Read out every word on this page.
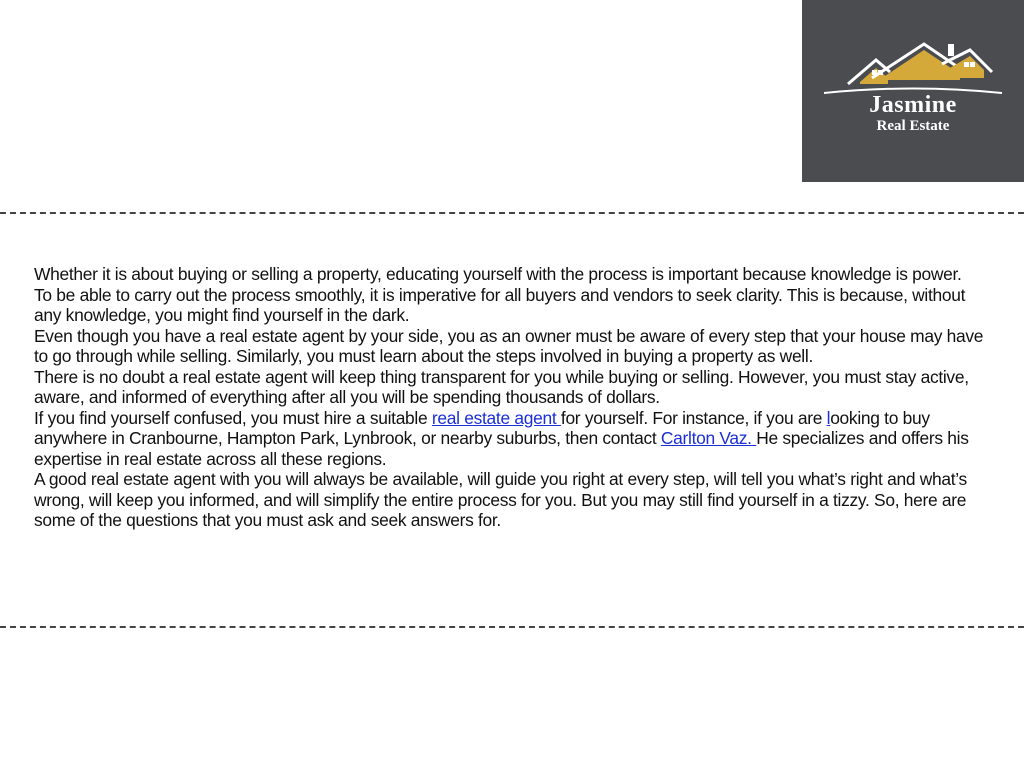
Jasmine
Real Estate

Whether it is about buying or selling a property, educating yourself with the process is important because knowledge is power.

To be able to carry out the process smoothly, it is imperative for all buyers and vendors to seek clarity. This is because, without any knowledge, you might find yourself in the dark.

Even though you have a real estate agent by your side, you as an owner must be aware of every step that your house may have to go through while selling. Similarly, you must learn about the steps involved in buying a property as well.

There is no doubt a real estate agent will keep thing transparent for you while buying or selling. However, you must stay active, aware, and informed of everything after all you will be spending thousands of dollars.

If you find yourself confused, you must hire a suitable real estate agent for yourself. For instance, if you are looking to buy anywhere in Cranbourne, Hampton Park, Lynbrook, or nearby suburbs, then contact Carlton Vaz. He specializes and offers his expertise in real estate across all these regions.

A good real estate agent with you will always be available, will guide you right at every step, will tell you what’s right and what’s wrong, will keep you informed, and will simplify the entire process for you. But you may still find yourself in a tizzy. So, here are some of the questions that you must ask and seek answers for.
